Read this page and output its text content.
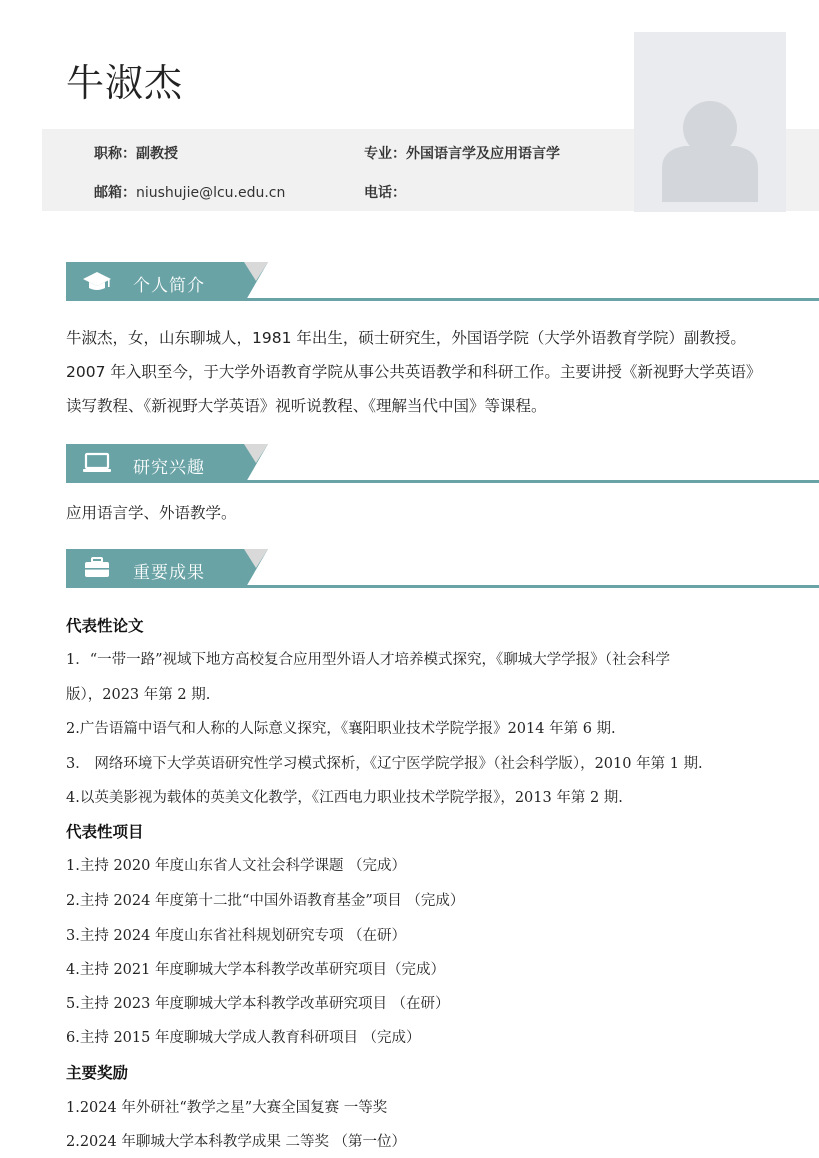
牛淑杰
职称：副教授	专业：外国语言学及应用语言学
邮箱：niushujie@lcu.edu.cn	电话：
个人简介
牛淑杰，女，山东聊城人，1981 年出生，硕士研究生，外国语学院（大学外语教育学院）副教授。
2007 年入职至今，于大学外语教育学院从事公共英语教学和科研工作。主要讲授《新视野大学英语》
读写教程、《新视野大学英语》视听说教程、《理解当代中国》等课程。
研究兴趣
应用语言学、外语教学。
重要成果
代表性论文
1．“一带一路”视域下地方高校复合应用型外语人才培养模式探究，《聊城大学学报》（社会科学
版），2023 年第 2 期.
2.广告语篇中语气和人称的人际意义探究，《襄阳职业技术学院学报》2014 年第 6 期.
3． 网络环境下大学英语研究性学习模式探析，《辽宁医学院学报》（社会科学版），2010 年第 1 期.
4.以英美影视为载体的英美文化教学，《江西电力职业技术学院学报》，2013 年第 2 期.
代表性项目
1.主持 2020 年度山东省人文社会科学课题 （完成）
2.主持 2024 年度第十二批“中国外语教育基金”项目 （完成）
3.主持 2024 年度山东省社科规划研究专项 （在研）
4.主持 2021 年度聊城大学本科教学改革研究项目（完成）
5.主持 2023 年度聊城大学本科教学改革研究项目 （在研）
6.主持 2015 年度聊城大学成人教育科研项目 （完成）
主要奖励
1.2024 年外研社“教学之星”大赛全国复赛 一等奖
2.2024 年聊城大学本科教学成果 二等奖 （第一位）
